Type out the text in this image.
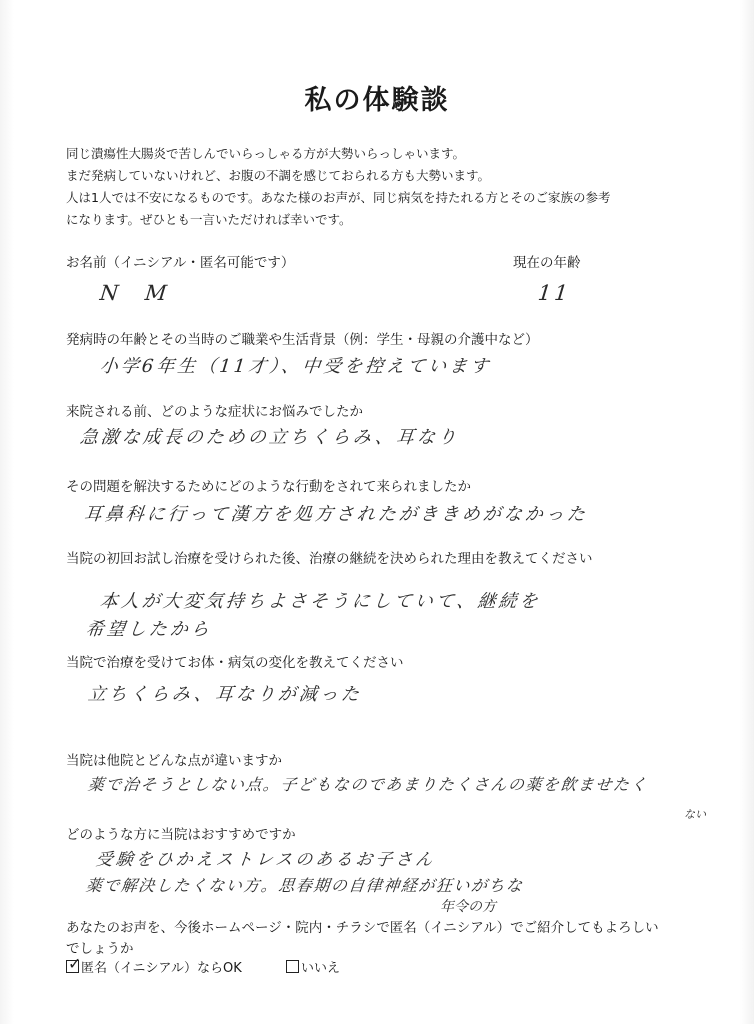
私の体験談
同じ潰瘍性大腸炎で苦しんでいらっしゃる方が大勢いらっしゃいます。
まだ発病していないけれど、お腹の不調を感じておられる方も大勢います。
人は1人では不安になるものです。あなた様のお声が、同じ病気を持たれる方とそのご家族の参考
になります。ぜひとも一言いただければ幸いです。
お名前（イニシアル・匿名可能です）	現在の年齢
N M	11
発病時の年齢とその当時のご職業や生活背景（例：学生・母親の介護中など）
小学6年生（11才）、中受を控えています
来院される前、どのような症状にお悩みでしたか
急激な成長のための立ちくらみ、耳なり
その問題を解決するためにどのような行動をされて来られましたか
耳鼻科に行って漢方を処方されたがききめがなかった
当院の初回お試し治療を受けられた後、治療の継続を決められた理由を教えてください
本人が大変気持ちよさそうにしていて、継続を
希望したから
当院で治療を受けてお体・病気の変化を教えてください
立ちくらみ、耳なりが減った
当院は他院とどんな点が違いますか
薬で治そうとしない点。子どもなのであまりたくさんの薬を飲ませたく
ない
どのような方に当院はおすすめですか
受験をひかえストレスのあるお子さん
薬で解決したくない方。思春期の自律神経が狂いがちな
年令の方
あなたのお声を、今後ホームページ・院内・チラシで匿名（イニシアル）でご紹介してもよろしい
でしょうか
✓ 匿名（イニシアル）ならOK	いいえ
